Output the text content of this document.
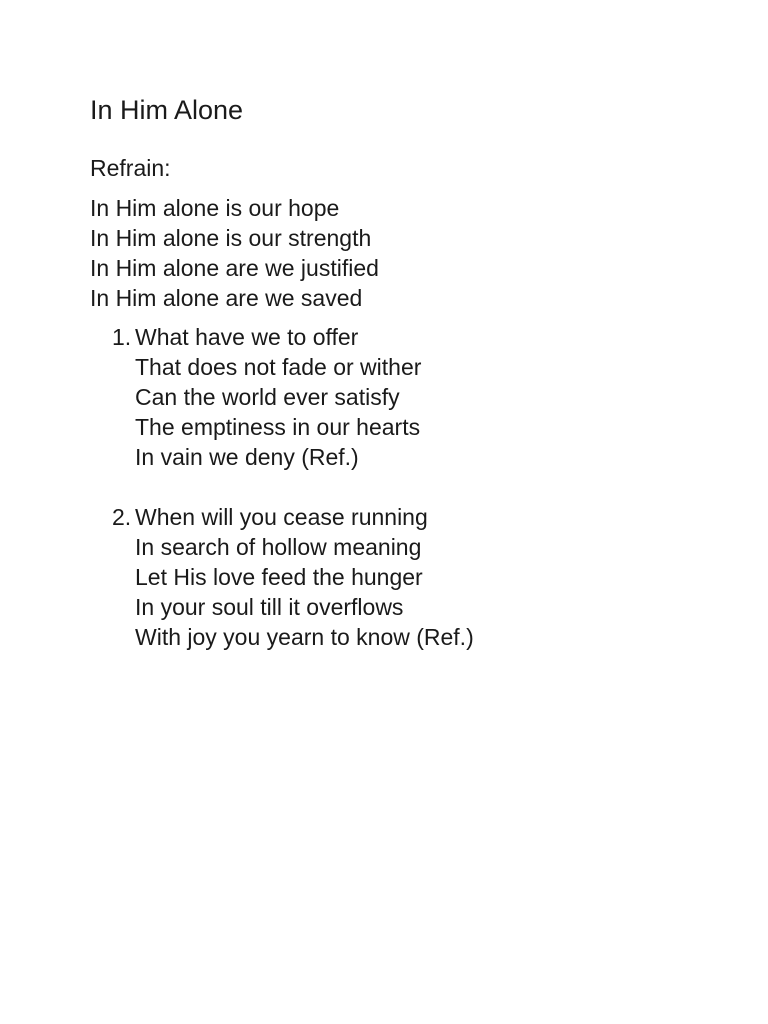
In Him Alone
Refrain:
In Him alone is our hope
In Him alone is our strength
In Him alone are we justified
In Him alone are we saved
1. What have we to offer
That does not fade or wither
Can the world ever satisfy
The emptiness in our hearts
In vain we deny (Ref.)
2. When will you cease running
In search of hollow meaning
Let His love feed the hunger
In your soul till it overflows
With joy you yearn to know (Ref.)
